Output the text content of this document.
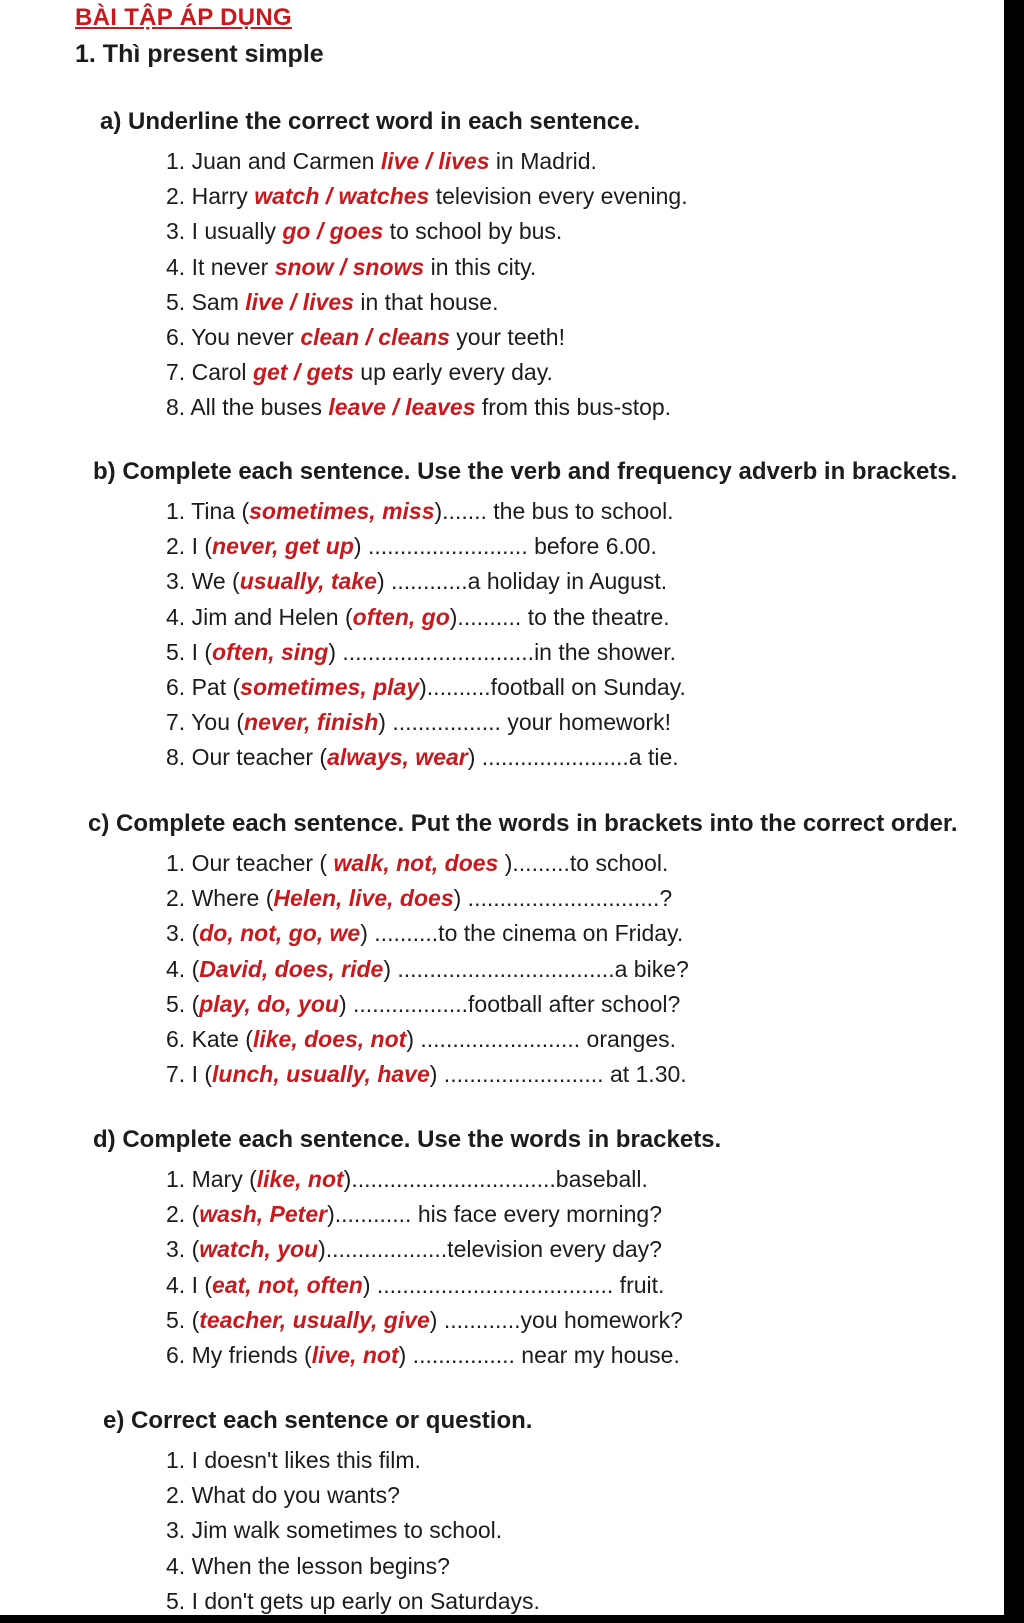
BÀI TẬP ÁP DỤNG
1. Thì present simple
a) Underline the correct word in each sentence.
1. Juan and Carmen live / lives in Madrid.
2. Harry watch / watches television every evening.
3. I usually go / goes to school by bus.
4. It never snow / snows in this city.
5. Sam live / lives in that house.
6. You never clean / cleans your teeth!
7. Carol get / gets up early every day.
8. All the buses leave / leaves from this bus-stop.
b) Complete each sentence. Use the verb and frequency adverb in brackets.
1. Tina (sometimes, miss)....... the bus to school.
2. I (never, get up) ......................... before 6.00.
3. We (usually, take) ............a holiday in August.
4. Jim and Helen (often, go).......... to the theatre.
5. I (often, sing) ..............................in the shower.
6. Pat (sometimes, play)..........football on Sunday.
7. You (never, finish) ................. your homework!
8. Our teacher (always, wear) .......................a tie.
c) Complete each sentence. Put the words in brackets into the correct order.
1. Our teacher ( walk, not, does ).........to school.
2. Where (Helen, live, does) ..............................?
3. (do, not, go, we) ..........to the cinema on Friday.
4. (David, does, ride) ..................................a bike?
5. (play, do, you) ..................football after school?
6. Kate (like, does, not) ......................... oranges.
7. I (lunch, usually, have) ......................... at 1.30.
d) Complete each sentence. Use the words in brackets.
1. Mary (like, not)................................baseball.
2. (wash, Peter)............ his face every morning?
3. (watch, you)...................television every day?
4. I (eat, not, often) ..................................... fruit.
5. (teacher, usually, give) ............you homework?
6. My friends (live, not) ................ near my house.
e) Correct each sentence or question.
1. I doesn't likes this film.
2. What do you wants?
3. Jim walk sometimes to school.
4. When the lesson begins?
5. I don't gets up early on Saturdays.
